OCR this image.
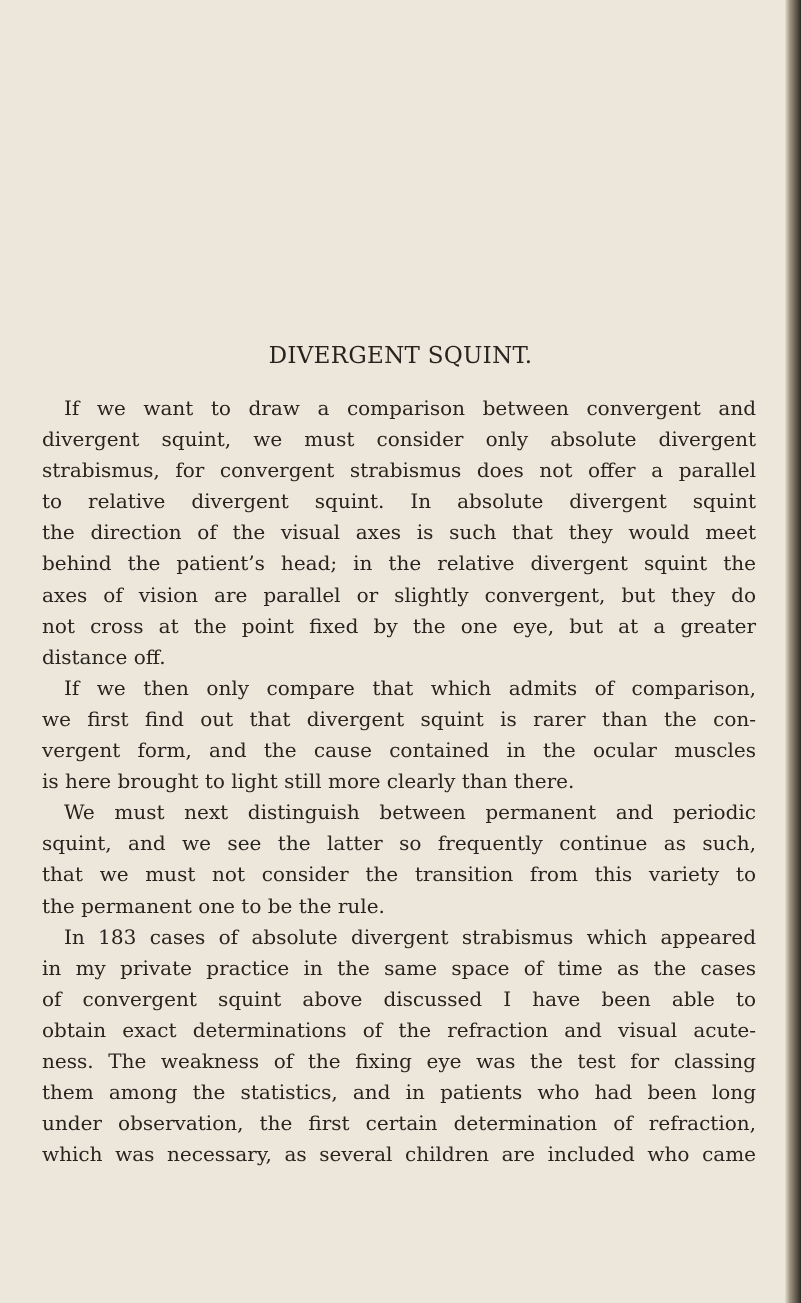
DIVERGENT SQUINT.
If we want to draw a comparison between convergent and
divergent squint, we must consider only absolute divergent
strabismus, for convergent strabismus does not offer a parallel
to relative divergent squint. In absolute divergent squint
the direction of the visual axes is such that they would meet
behind the patient’s head; in the relative divergent squint the
axes of vision are parallel or slightly convergent, but they do
not cross at the point fixed by the one eye, but at a greater
distance off.
If we then only compare that which admits of comparison,
we first find out that divergent squint is rarer than the con-
vergent form, and the cause contained in the ocular muscles
is here brought to light still more clearly than there.
We must next distinguish between permanent and periodic
squint, and we see the latter so frequently continue as such,
that we must not consider the transition from this variety to
the permanent one to be the rule.
In 183 cases of absolute divergent strabismus which appeared
in my private practice in the same space of time as the cases
of convergent squint above discussed I have been able to
obtain exact determinations of the refraction and visual acute-
ness. The weakness of the fixing eye was the test for classing
them among the statistics, and in patients who had been long
under observation, the first certain determination of refraction,
which was necessary, as several children are included who came
